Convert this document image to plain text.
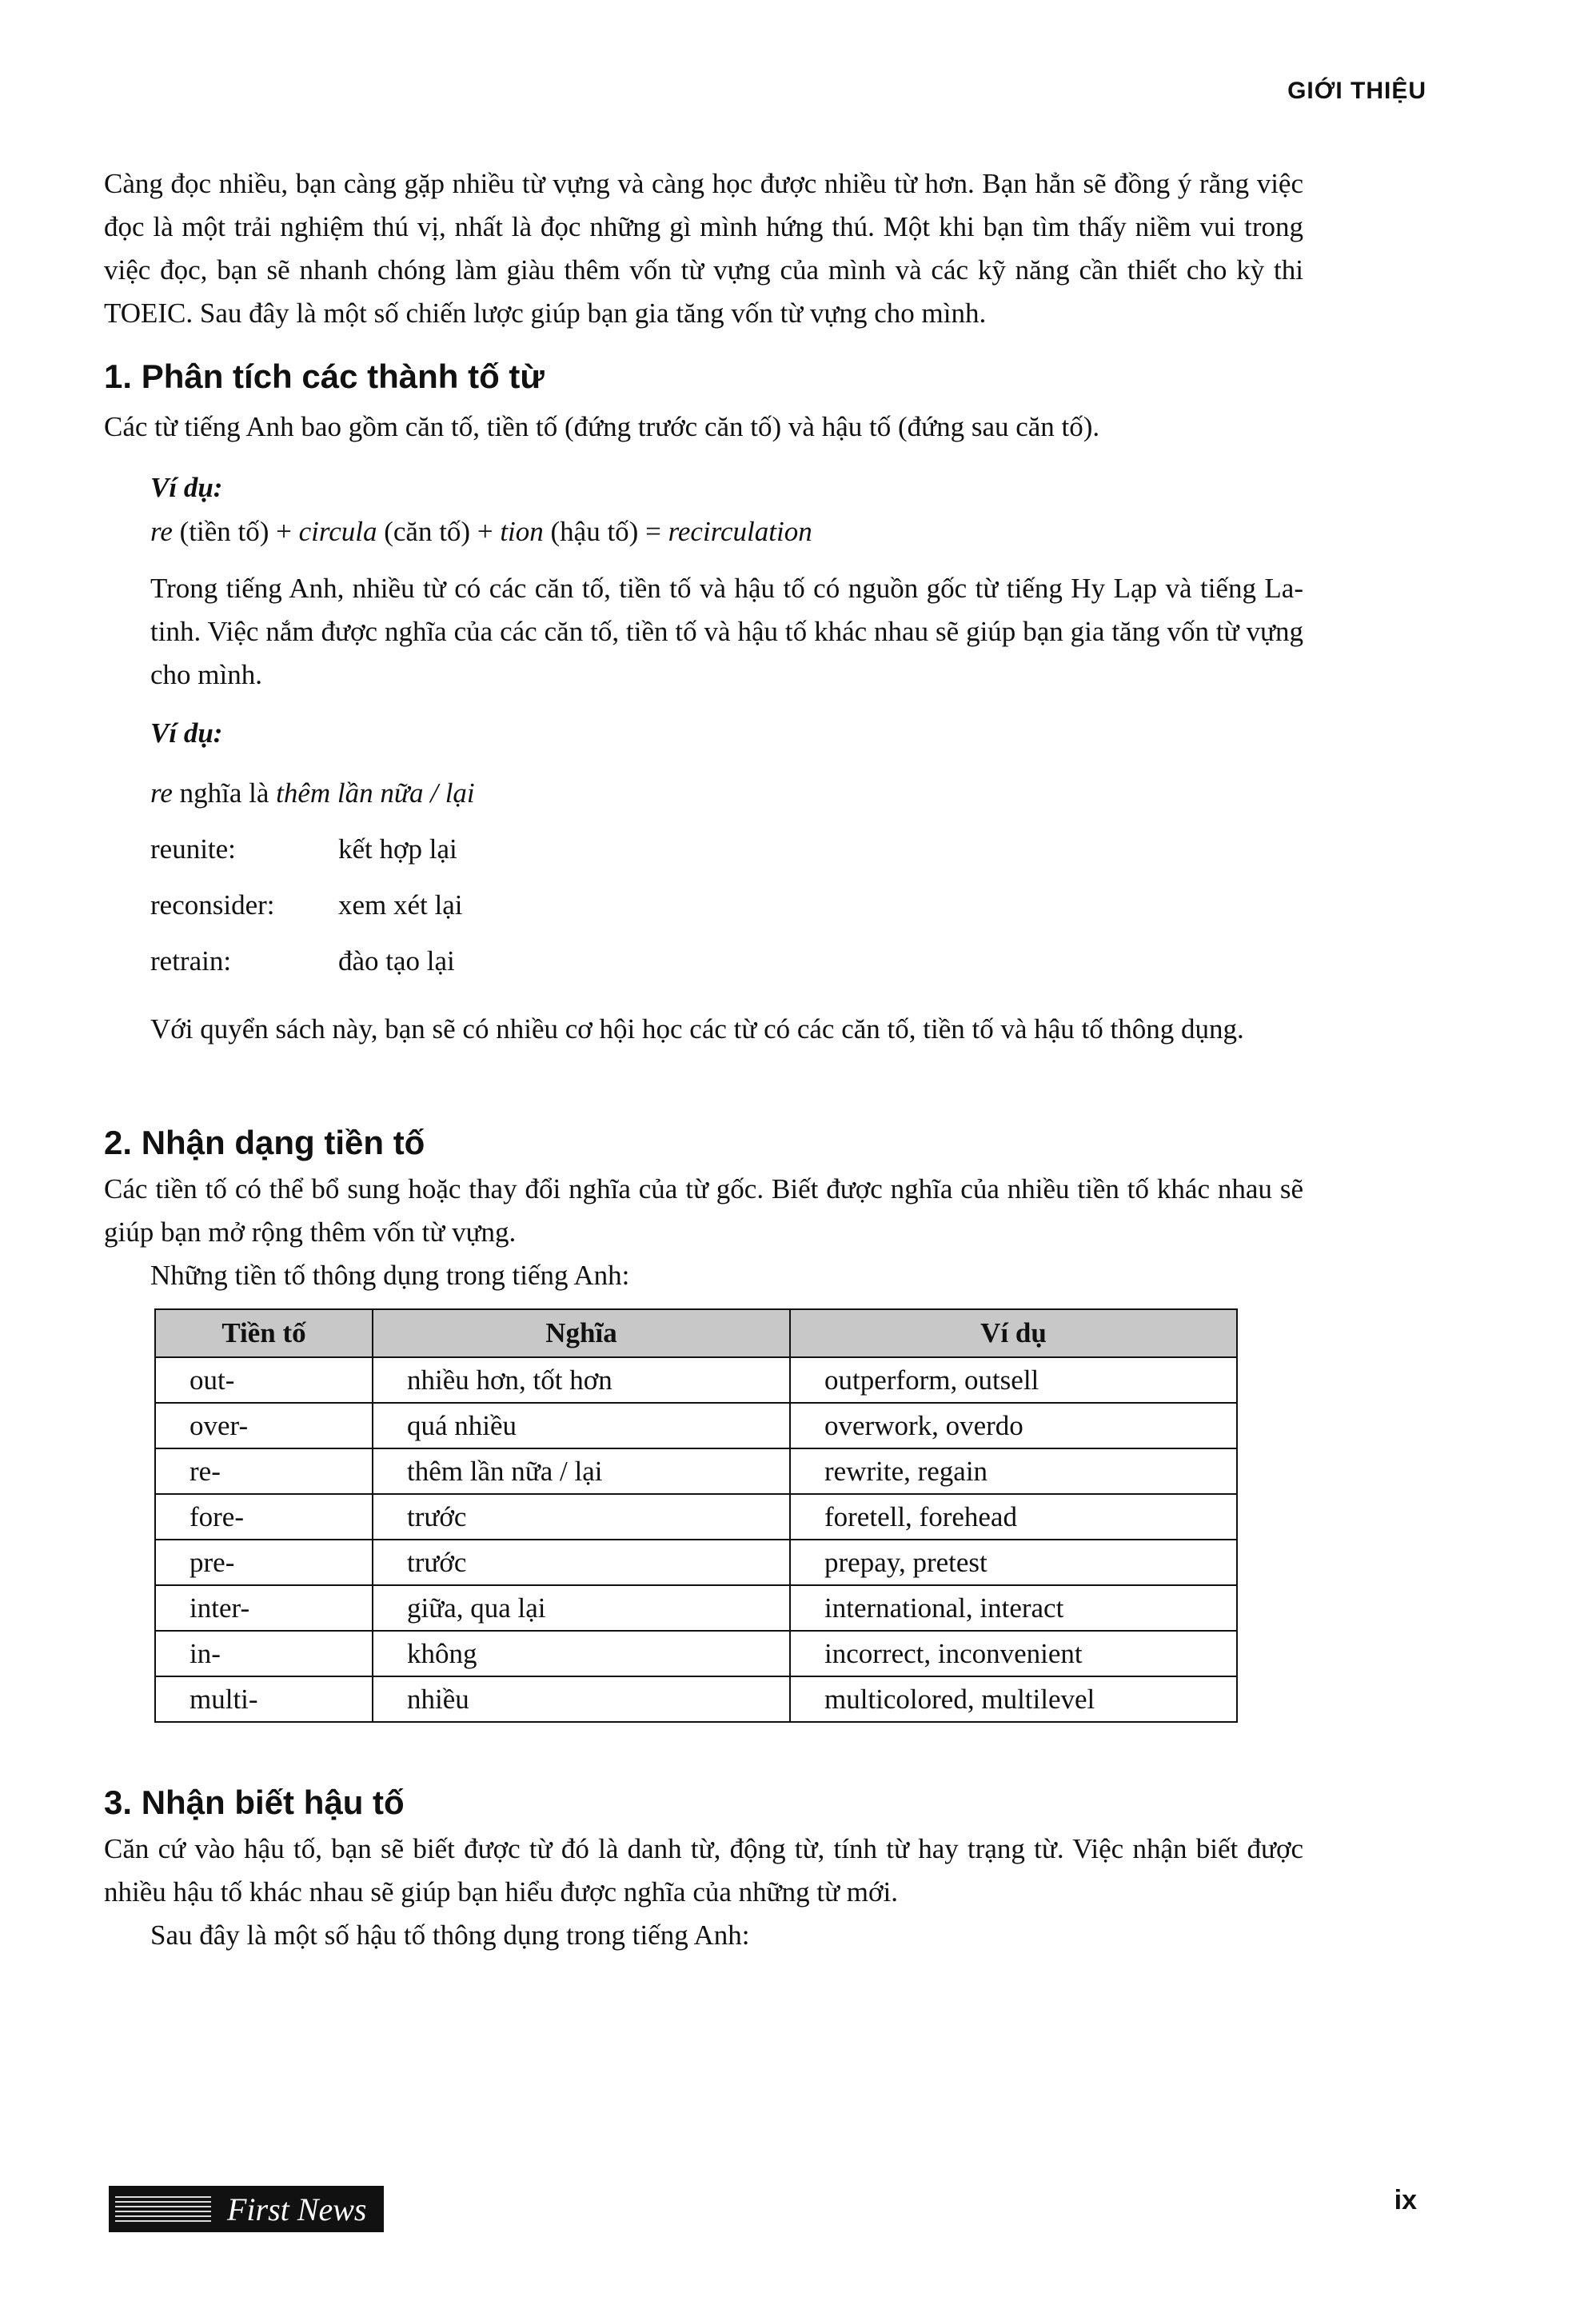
GIỚI THIỆU

Càng đọc nhiều, bạn càng gặp nhiều từ vựng và càng học được nhiều từ hơn. Bạn hẳn sẽ đồng ý rằng việc đọc là một trải nghiệm thú vị, nhất là đọc những gì mình hứng thú. Một khi bạn tìm thấy niềm vui trong việc đọc, bạn sẽ nhanh chóng làm giàu thêm vốn từ vựng của mình và các kỹ năng cần thiết cho kỳ thi TOEIC. Sau đây là một số chiến lược giúp bạn gia tăng vốn từ vựng cho mình.

1. Phân tích các thành tố từ

Các từ tiếng Anh bao gồm căn tố, tiền tố (đứng trước căn tố) và hậu tố (đứng sau căn tố).

Ví dụ:

re (tiền tố) + circula (căn tố) + tion (hậu tố) = recirculation

Trong tiếng Anh, nhiều từ có các căn tố, tiền tố và hậu tố có nguồn gốc từ tiếng Hy Lạp và tiếng La-tinh. Việc nắm được nghĩa của các căn tố, tiền tố và hậu tố khác nhau sẽ giúp bạn gia tăng vốn từ vựng cho mình.

Ví dụ:

re nghĩa là thêm lần nữa / lại

reunite:	kết hợp lại
reconsider:	xem xét lại
retrain:	đào tạo lại

Với quyển sách này, bạn sẽ có nhiều cơ hội học các từ có các căn tố, tiền tố và hậu tố thông dụng.

2. Nhận dạng tiền tố

Các tiền tố có thể bổ sung hoặc thay đổi nghĩa của từ gốc. Biết được nghĩa của nhiều tiền tố khác nhau sẽ giúp bạn mở rộng thêm vốn từ vựng.

Những tiền tố thông dụng trong tiếng Anh:

Tiền tố	Nghĩa	Ví dụ
out-	nhiều hơn, tốt hơn	outperform, outsell
over-	quá nhiều	overwork, overdo
re-	thêm lần nữa / lại	rewrite, regain
fore-	trước	foretell, forehead
pre-	trước	prepay, pretest
inter-	giữa, qua lại	international, interact
in-	không	incorrect, inconvenient
multi-	nhiều	multicolored, multilevel
3. Nhận biết hậu tố

Căn cứ vào hậu tố, bạn sẽ biết được từ đó là danh từ, động từ, tính từ hay trạng từ. Việc nhận biết được nhiều hậu tố khác nhau sẽ giúp bạn hiểu được nghĩa của những từ mới.

Sau đây là một số hậu tố thông dụng trong tiếng Anh:

First News	ix
